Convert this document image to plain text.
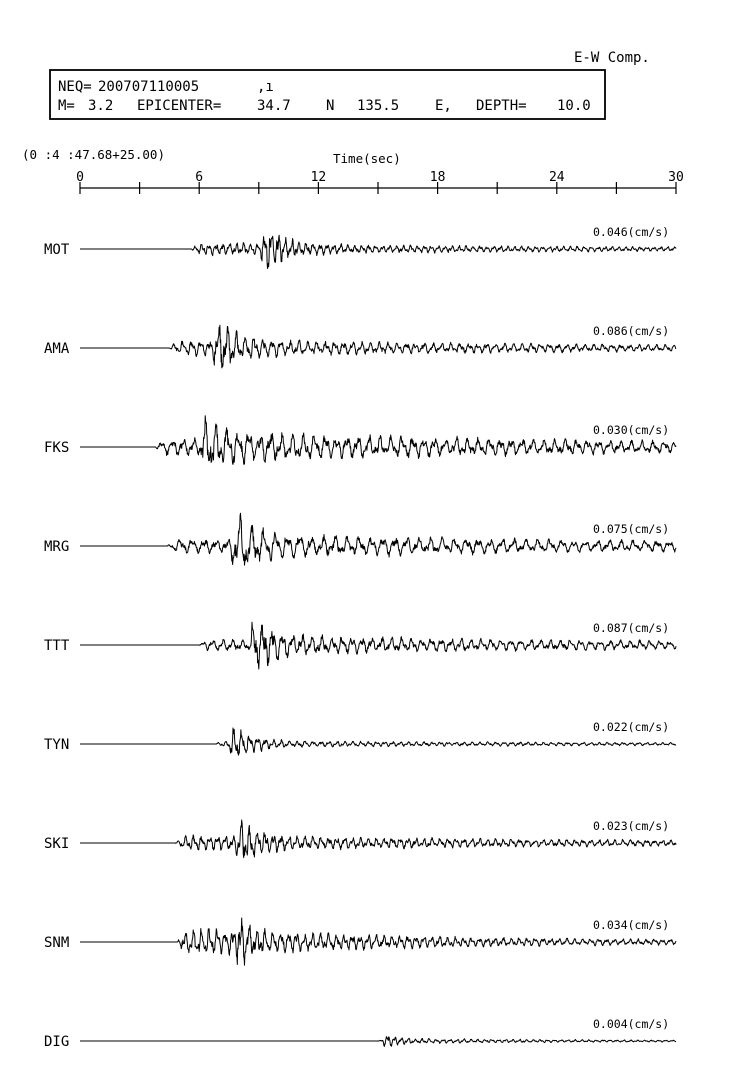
E-W Comp.
NEQ= 200707110005	,ı
M= 3.2 EPICENTER=	34.7	N 135.5	E, DEPTH= 10.0
(0 :4 :47.68+25.00)	Time(sec)
0	6	12	18	24	30
MOT
0.046(cm/s)
AMA
0.086(cm/s)
FKS
0.030(cm/s)
MRG
0.075(cm/s)
TTT
0.087(cm/s)
TYN
0.022(cm/s)
SKI
0.023(cm/s)
SNM
0.034(cm/s)
DIG
0.004(cm/s)
